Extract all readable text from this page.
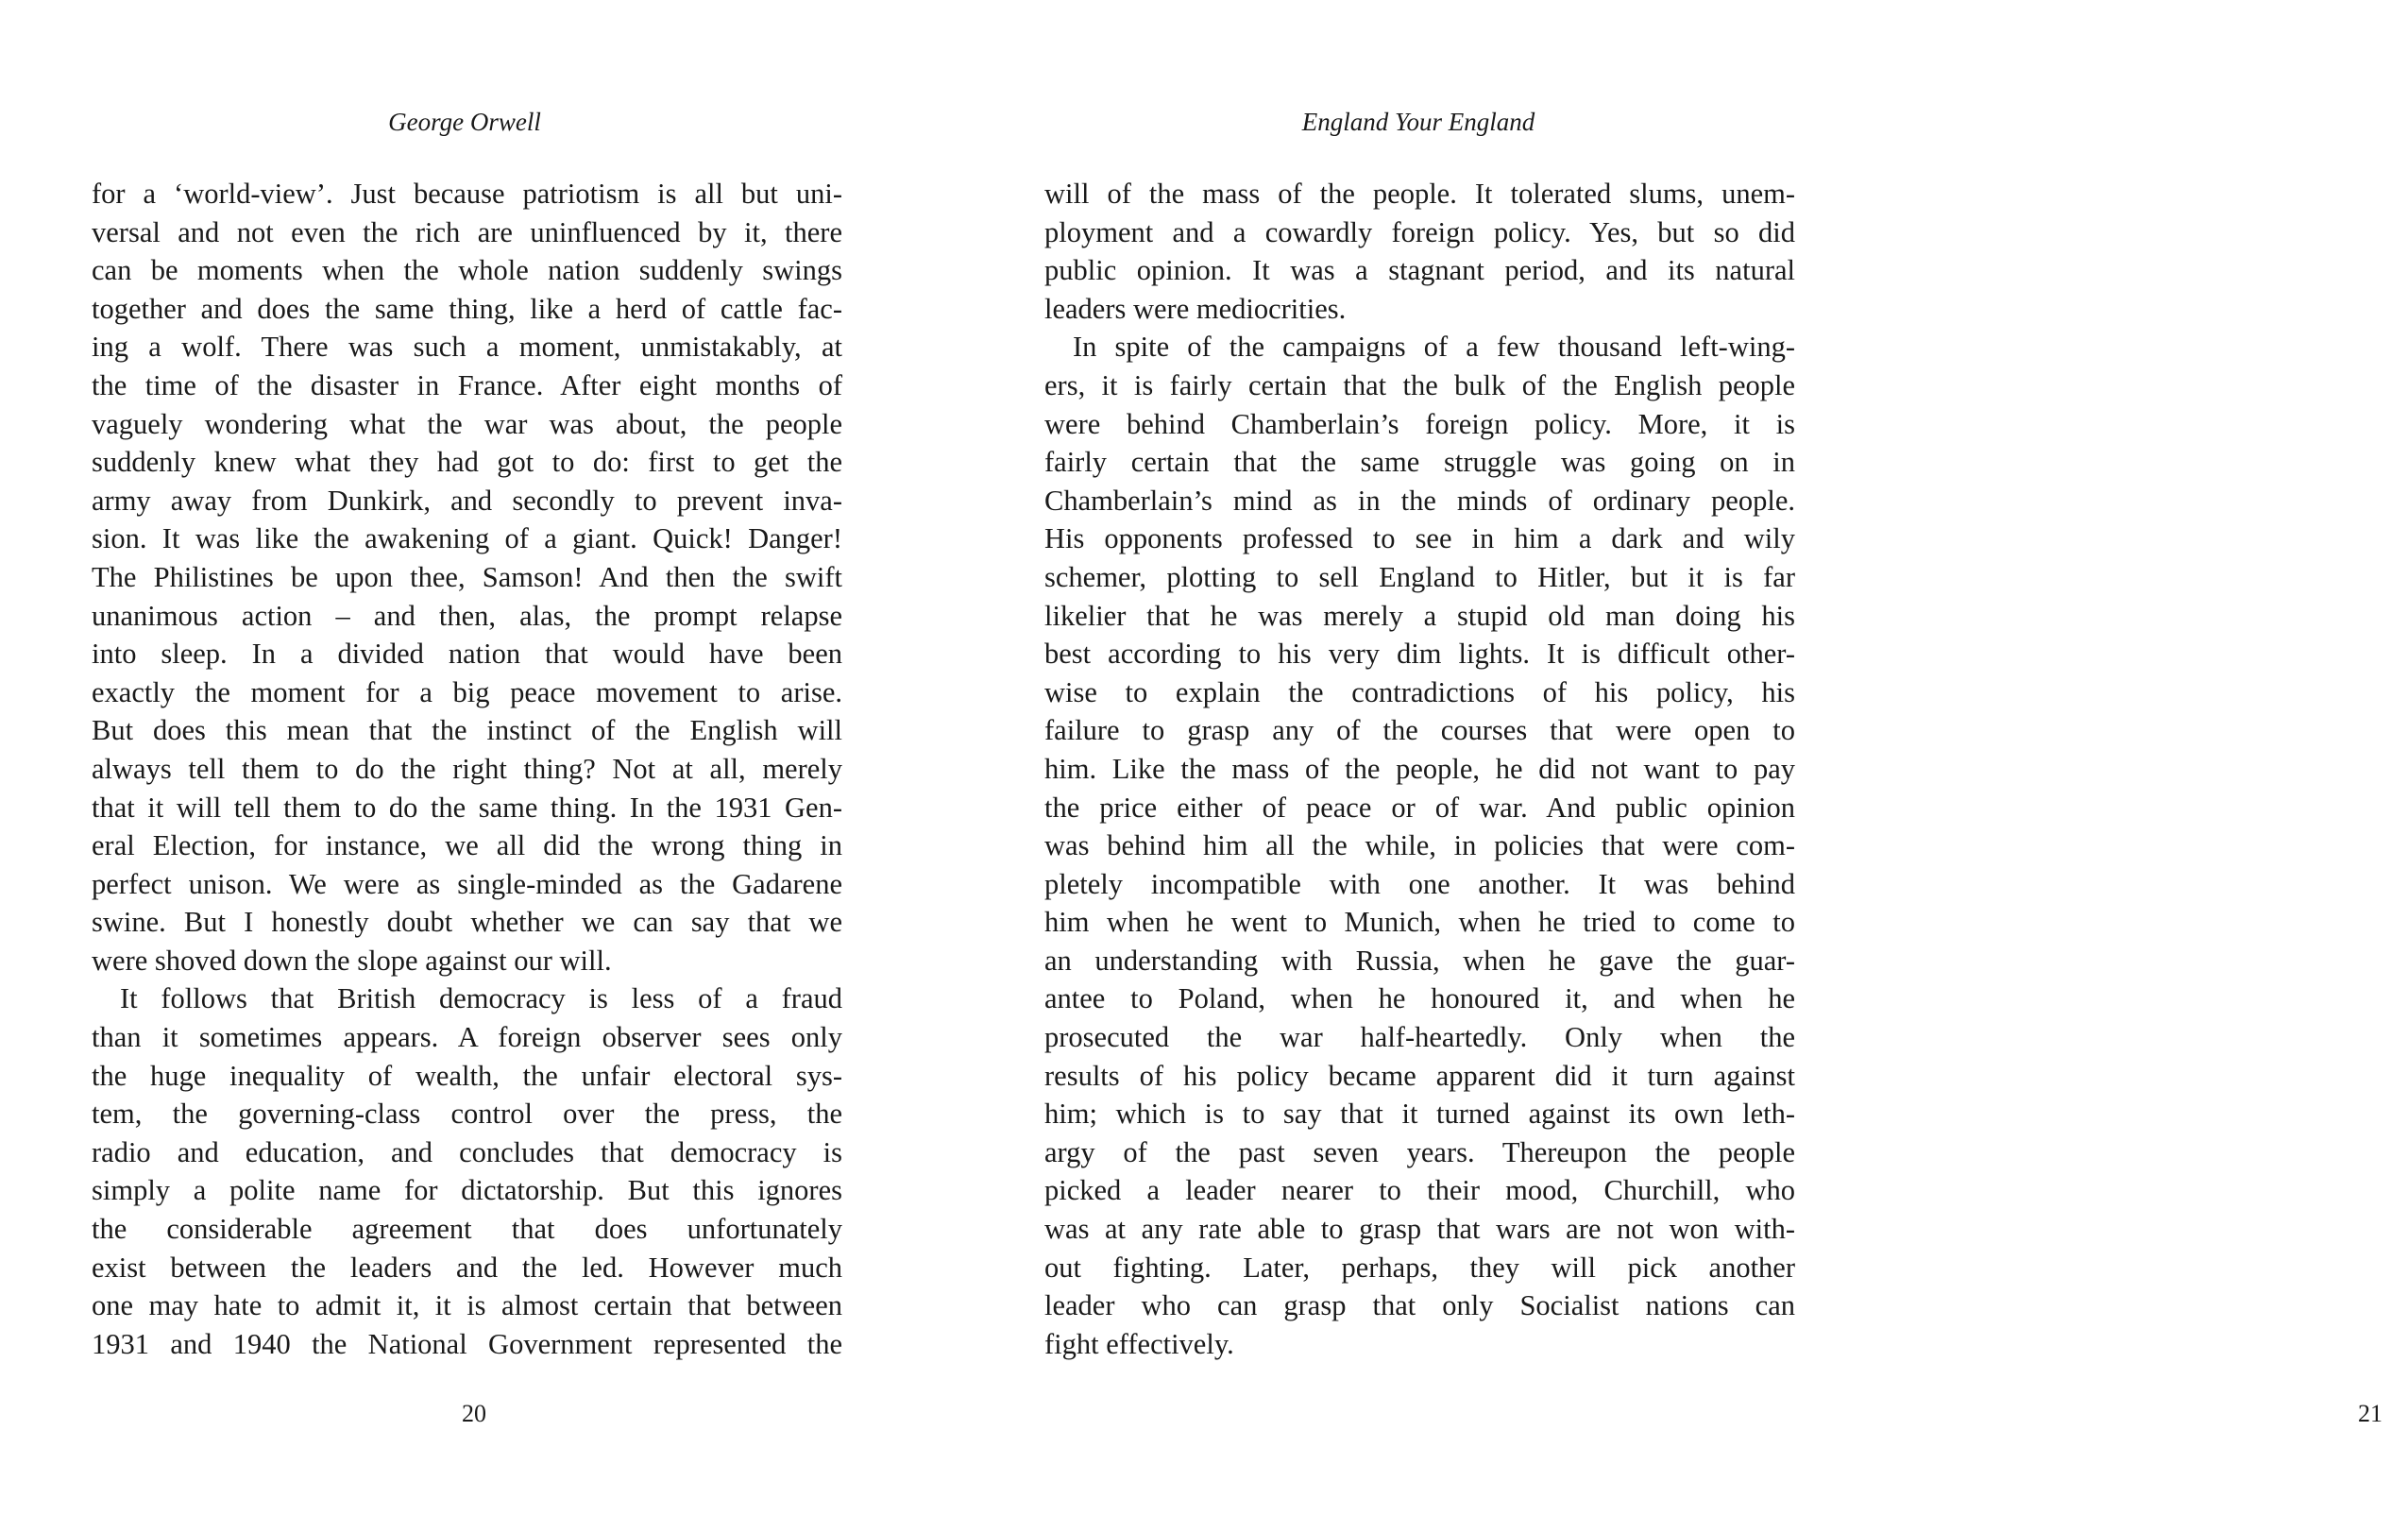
George Orwell
for a ‘world-view’. Just because patriotism is all but uni-
versal and not even the rich are uninfluenced by it, there
can be moments when the whole nation suddenly swings
together and does the same thing, like a herd of cattle fac-
ing a wolf. There was such a moment, unmistakably, at
the time of the disaster in France. After eight months of
vaguely wondering what the war was about, the people
suddenly knew what they had got to do: first to get the
army away from Dunkirk, and secondly to prevent inva-
sion. It was like the awakening of a giant. Quick! Danger!
The Philistines be upon thee, Samson! And then the swift
unanimous action – and then, alas, the prompt relapse
into sleep. In a divided nation that would have been
exactly the moment for a big peace movement to arise.
But does this mean that the instinct of the English will
always tell them to do the right thing? Not at all, merely
that it will tell them to do the same thing. In the 1931 Gen-
eral Election, for instance, we all did the wrong thing in
perfect unison. We were as single-minded as the Gadarene
swine. But I honestly doubt whether we can say that we
were shoved down the slope against our will.
It follows that British democracy is less of a fraud
than it sometimes appears. A foreign observer sees only
the huge inequality of wealth, the unfair electoral sys-
tem, the governing-class control over the press, the
radio and education, and concludes that democracy is
simply a polite name for dictatorship. But this ignores
the considerable agreement that does unfortunately
exist between the leaders and the led. However much
one may hate to admit it, it is almost certain that between
1931 and 1940 the National Government represented the
20
England Your England
will of the mass of the people. It tolerated slums, unem-
ployment and a cowardly foreign policy. Yes, but so did
public opinion. It was a stagnant period, and its natural
leaders were mediocrities.
In spite of the campaigns of a few thousand left-wing-
ers, it is fairly certain that the bulk of the English people
were behind Chamberlain’s foreign policy. More, it is
fairly certain that the same struggle was going on in
Chamberlain’s mind as in the minds of ordinary people.
His opponents professed to see in him a dark and wily
schemer, plotting to sell England to Hitler, but it is far
likelier that he was merely a stupid old man doing his
best according to his very dim lights. It is difficult other-
wise to explain the contradictions of his policy, his
failure to grasp any of the courses that were open to
him. Like the mass of the people, he did not want to pay
the price either of peace or of war. And public opinion
was behind him all the while, in policies that were com-
pletely incompatible with one another. It was behind
him when he went to Munich, when he tried to come to
an understanding with Russia, when he gave the guar-
antee to Poland, when he honoured it, and when he
prosecuted the war half-heartedly. Only when the
results of his policy became apparent did it turn against
him; which is to say that it turned against its own leth-
argy of the past seven years. Thereupon the people
picked a leader nearer to their mood, Churchill, who
was at any rate able to grasp that wars are not won with-
out fighting. Later, perhaps, they will pick another
leader who can grasp that only Socialist nations can
fight effectively.
21
